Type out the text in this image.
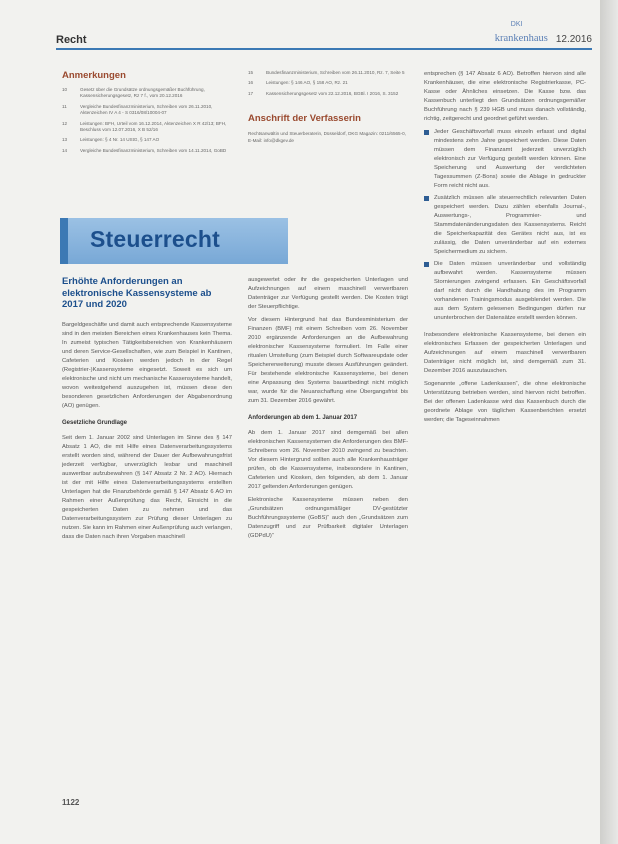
Recht
DKI
krankenhaus 12.2016
Anmerkungen
10	Gesetz über die Grundsätze ordnungsgemäßer Buchführung, Kassensicherungsgesetz, Rz 7 f., vom 20.12.2016
11	Vergleiche Bundesfinanzministerium, Schreiben vom 26.11.2010, Aktenzeichen IV A 4 - S 0316/08/10004-07
12	Leistungen: BFH, Urteil vom 16.12.2014, Aktenzeichen X R 42/13; BFH, Beschluss vom 12.07.2016, X B 52/16
13	Leistungen: § 4 Nr. 14 UStG, § 147 AO
14	Vergleiche Bundesfinanzministerium, Schreiben vom 14.11.2014, GoBD
15	Bundesfinanzministerium, Schreiben vom 26.11.2010, Rz. 7, Seite 5
16	Leistungen: § 146 AO, § 158 AO, Rz. 21
17	Kassensicherungsgesetz vom 22.12.2016, BGBl. I 2016, S. 3152
Anschrift der Verfasserin
Rechtsanwältin und Steuerberaterin, Düsseldorf, DKG Magazin: 0211/6565-0, E-Mail: info@dkgev.de
Steuerrecht
Erhöhte Anforderungen an elektronische Kassensysteme ab 2017 und 2020

Bargeldgeschäfte und damit auch entsprechende Kassensysteme sind in den meisten Bereichen eines Krankenhauses kein Thema. In zumeist typischen Tätigkeitsbereichen von Krankenhäusern und deren Service-Gesellschaften, wie zum Beispiel in Kantinen, Cafeterien und Kiosken werden jedoch in der Regel (Registrier-)Kassensysteme eingesetzt. Soweit es sich um elektronische und nicht um mechanische Kassensysteme handelt, wovon weitestgehend auszugehen ist, müssen diese den besonderen gesetzlichen Anforderungen der Abgabenordnung (AO) genügen.

Gesetzliche Grundlage

Seit dem 1. Januar 2002 sind Unterlagen im Sinne des § 147 Absatz 1 AO, die mit Hilfe eines Datenverarbeitungssystems erstellt worden sind, während der Dauer der Aufbewahrungsfrist jederzeit verfügbar, unverzüglich lesbar und maschinell auswertbar aufzubewahren (§ 147 Absatz 2 Nr. 2 AO). Hiernach ist der mit Hilfe eines Datenverarbeitungssystems erstellten Unterlagen hat die Finanzbehörde gemäß § 147 Absatz 6 AO im Rahmen einer Außenprüfung das Recht, Einsicht in die gespeicherten Daten zu nehmen und das Datenverarbeitungssystem zur Prüfung dieser Unterlagen zu nutzen. Sie kann im Rahmen einer Außenprüfung auch verlangen, dass die Daten nach ihren Vorgaben maschinell

ausgewertet oder ihr die gespeicherten Unterlagen und Aufzeichnungen auf einem maschinell verwertbaren Datenträger zur Verfügung gestellt werden. Die Kosten trägt der Steuerpflichtige.

Vor diesem Hintergrund hat das Bundesministerium der Finanzen (BMF) mit einem Schreiben vom 26. November 2010 ergänzende Anforderungen an die Aufbewahrung elektronischer Kassensysteme formuliert. Im Falle einer ritualen Umstellung (zum Beispiel durch Softwareupdate oder Speichererweiterung) musste dieses Ausführungen geändert. Für bestehende elektronische Kassensysteme, bei denen eine Anpassung des Systems bauartbedingt nicht möglich war, wurde für die Neuanschaffung eine Übergangsfrist bis zum 31. Dezember 2016 gewährt.

Anforderungen ab dem 1. Januar 2017

Ab dem 1. Januar 2017 sind demgemäß bei allen elektronischen Kassensystemen die Anforderungen des BMF-Schreibens vom 26. November 2010 zwingend zu beachten. Vor diesem Hintergrund sollten auch alle Krankenhausträger prüfen, ob die Kassensysteme, insbesondere in Kantinen, Cafeterien und Kiosken, den folgenden, ab dem 1. Januar 2017 geltenden Anforderungen genügen.

Elektronische Kassensysteme müssen neben den „Grundsätzen ordnungsmäßiger DV-gestützter Buchführungssysteme (GoBS)“ auch den „Grundsätzen zum Datenzugriff und zur Prüfbarkeit digitaler Unterlagen (GDPdU)“

entsprechen (§ 147 Absatz 6 AO). Betroffen hiervon sind alle Krankenhäuser, die eine elektronische Registrierkasse, PC-Kasse oder Ähnliches einsetzen. Die Kasse bzw. das Kassenbuch unterliegt den Grundsätzen ordnungsgemäßer Buchführung nach § 239 HGB und muss danach vollständig, richtig, zeitgerecht und geordnet geführt werden.

Jeder Geschäftsvorfall muss einzeln erfasst und digital mindestens zehn Jahre gespeichert werden. Diese Daten müssen dem Finanzamt jederzeit unverzüglich elektronisch zur Verfügung gestellt werden können. Eine Speicherung und Auswertung der verdichteten Tagessummen (Z-Bons) sowie die Ablage in gedruckter Form reicht nicht aus.
Zusätzlich müssen alle steuerrechtlich relevanten Daten gespeichert werden. Dazu zählen ebenfalls Journal-, Auswertungs-, Programmier- und Stammdatenänderungsdaten des Kassensystems. Reicht die Speicherkapazität des Gerätes nicht aus, ist es zulässig, die Daten unveränderbar auf ein externes Speichermedium zu sichern.
Die Daten müssen unveränderbar und vollständig aufbewahrt werden. Kassensysteme müssen Stornierungen zwingend erfassen. Ein Geschäftsvorfall darf nicht durch die Handhabung des im Programm vorhandenen Trainingsmodus ausgeblendet werden. Die aus dem System gelesenen Bedingungen dürfen nur ununterbrochen der Datensätze erstellt werden können.

Insbesondere elektronische Kassensysteme, bei denen ein elektronisches Erfassen der gespeicherten Unterlagen und Aufzeichnungen auf einem maschinell verwertbaren Datenträger nicht möglich ist, sind demgemäß zum 31. Dezember 2016 auszutauschen.

Sogenannte „offene Ladenkassen“, die ohne elektronische Unterstützung betrieben werden, sind hiervon nicht betroffen. Bei der offenen Ladenkasse wird das Kassenbuch durch die geordnete Ablage von täglichen Kassenberichten ersetzt werden; die Tageseinnahmen

1122
